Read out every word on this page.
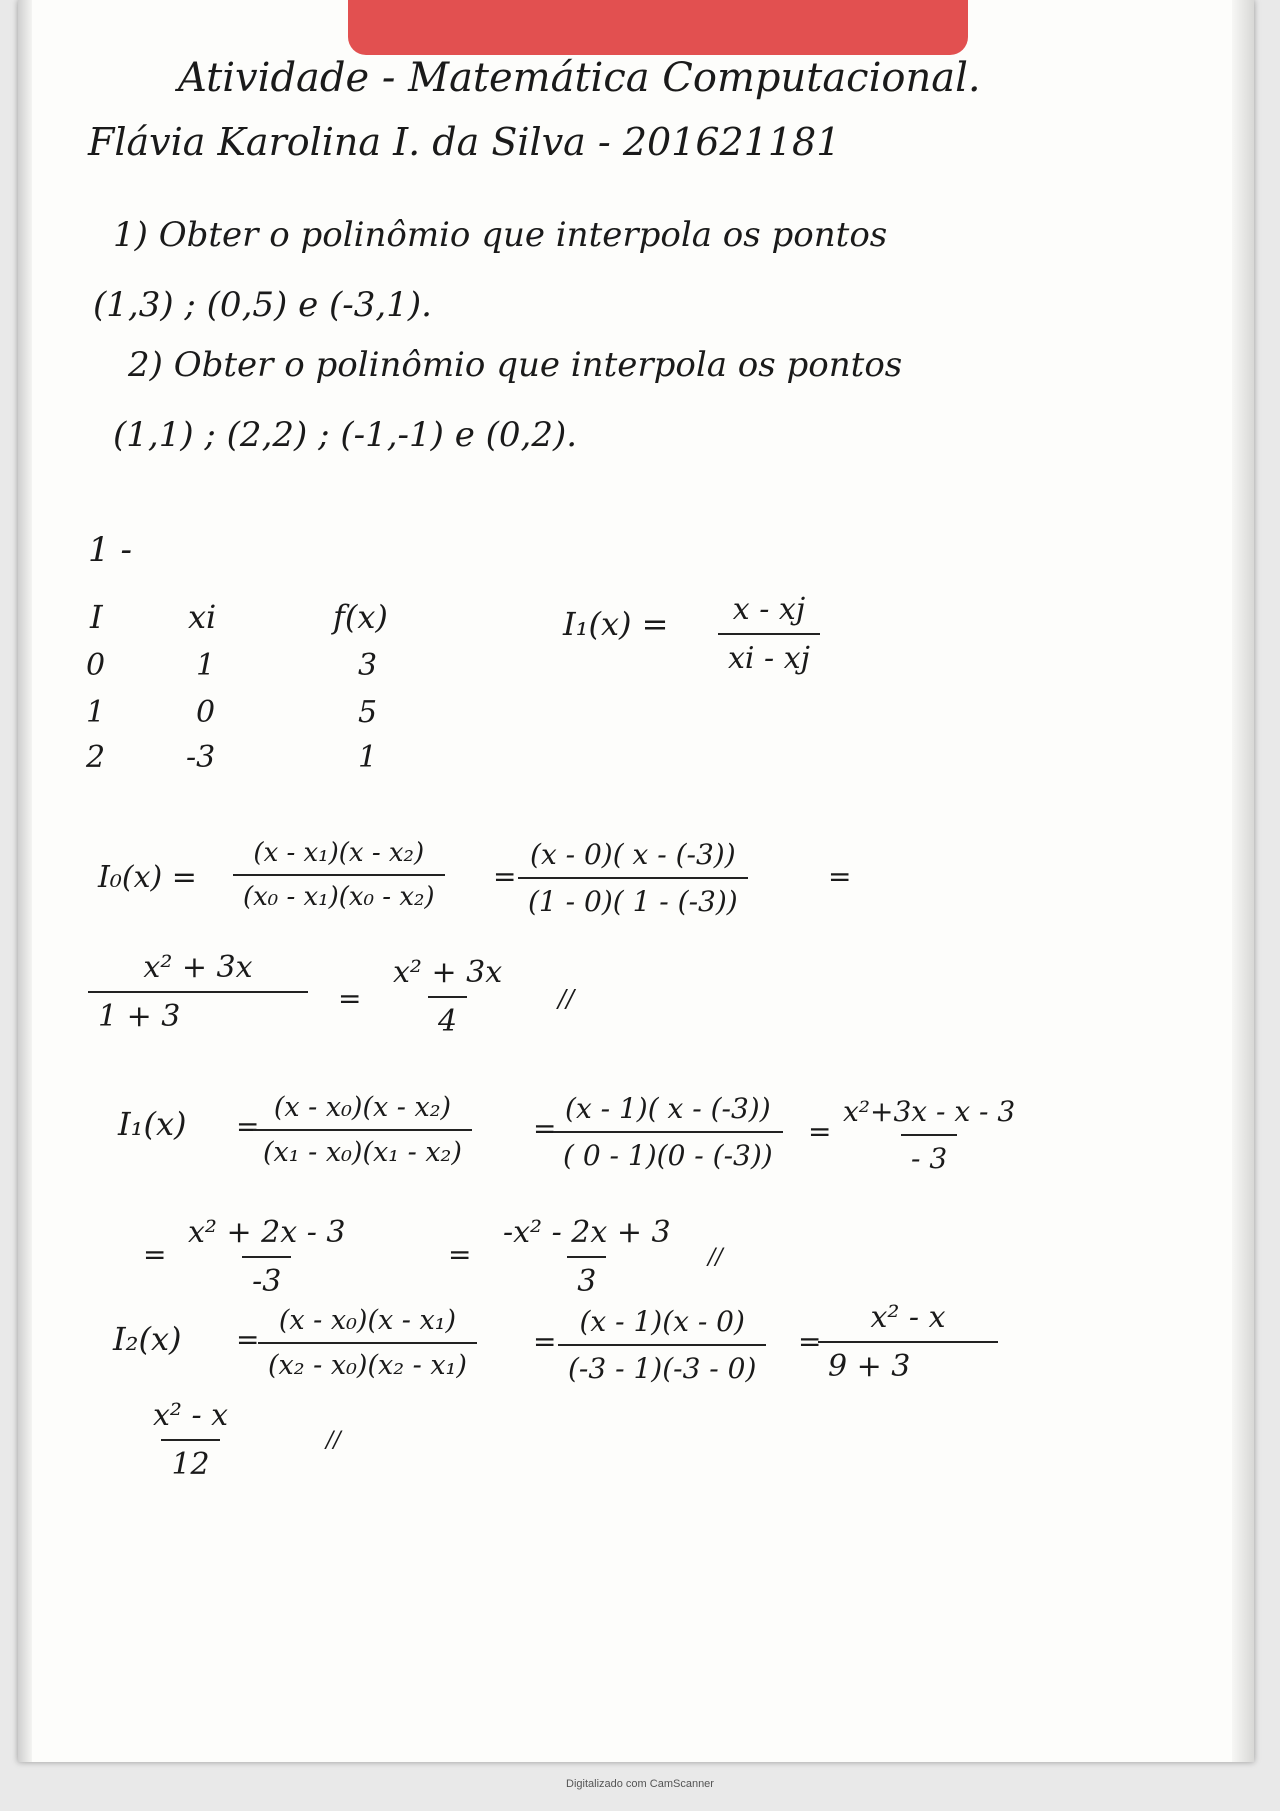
Atividade - Matemática Computacional.
Flávia Karolina I. da Silva - 201621181
1) Obter o polinômio que interpola os pontos
(1,3) ; (0,5) e (-3,1).
2) Obter o polinômio que interpola os pontos
(1,1) ; (2,2) ; (-1,-1) e (0,2).
1 -
I	xi	f(x)
0	1	3
1	0	5
2	-3	1
$I_1(x) = \frac{x - xj}{xi - xj}$
$I_0(x) = \frac{\text{(x - x₁)(x - x₂)}}{\text{(x₀ - x₁)(x₀ - x₂)}} = \frac{(x - 0)( x - (-3))}{(1 - 0)( 1 - (-3))}$	=
$\frac{\text{x² + 3x}}{1 + 3} = \frac{\text{x² + 3x}}{4}$ //
I₁(x) =
$\frac{\text{(x - x₀)(x - x₂)}}{\text{(x₁ - x₀)(x₁ - x₂)}}$ =
$\frac{(x - 1)( x - (-3))}{( 0 - 1)(0 - (-3))} = \frac{\text{x²+3x - x - 3}}{- 3}$
= $\frac{\text{x² + 2x - 3}}{-3}$	= $\frac{\text{-x² - 2x + 3}}{3}$ //
I₂(x) =
$\frac{\text{(x - x₀)(x - x₁)}}{\text{(x₂ - x₀)(x₂ - x₁)}} = \frac{(x - 1)(x - 0)}{(-3 - 1)(-3 - 0)}$ =
$\frac{\text{x² - x}}{9 + 3}$
$\frac{\text{x² - x}}{12}$	//
Digitalizado com CamScanner
